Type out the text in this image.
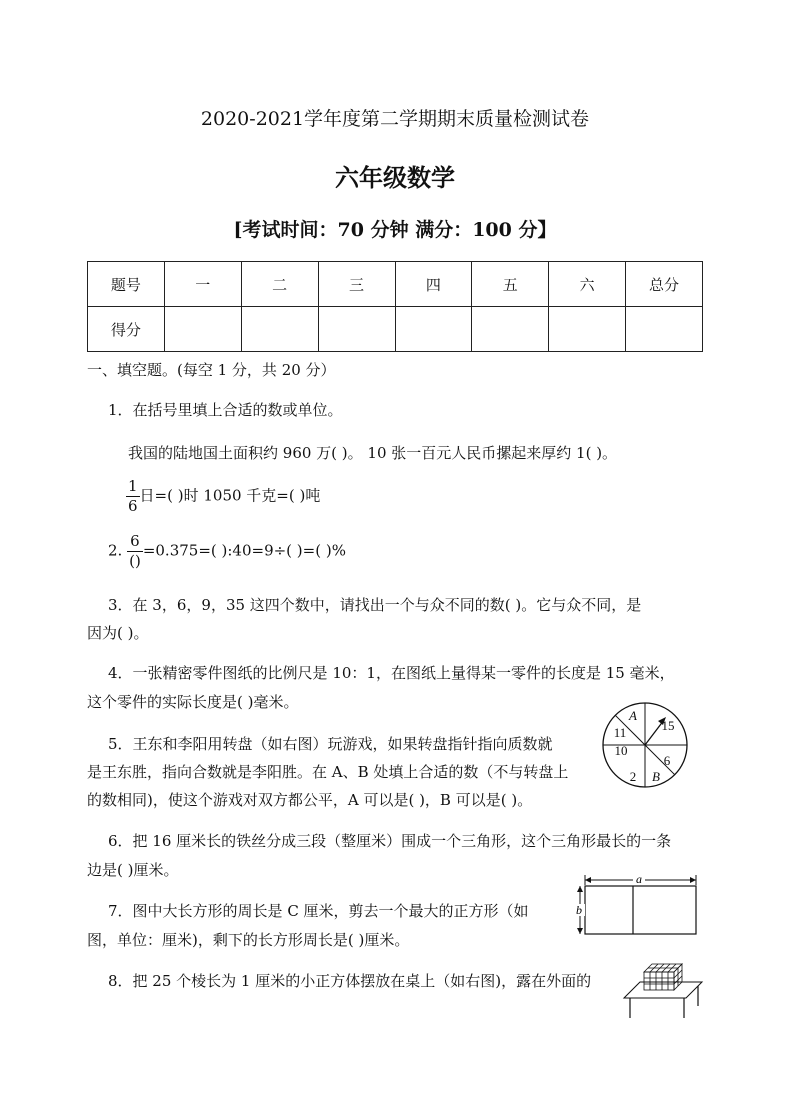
2020-2021学年度第二学期期末质量检测试卷
六年级数学
[考试时间：70 分钟 满分：100 分】
题号	一	二	三	四	五	六	总分
得分							
一、填空题。(每空 1 分，共 20 分）
1．在括号里填上合适的数或单位。
我国的陆地国土面积约 960 万( )。 10 张一百元人民币摞起来厚约 1( )。
$\frac{1}{6}$ 日=( )时 1050 千克=( )吨
2. $\frac{6}{()} =0.375=$( ):40=9÷( )=( )%
3．在 3，6，9，35 这四个数中，请找出一个与众不同的数( )。它与众不同，是
因为( )。
4．一张精密零件图纸的比例尺是 10：1，在图纸上量得某一零件的长度是 15 毫米，
这个零件的实际长度是( )毫米。
5．王东和李阳用转盘（如右图）玩游戏，如果转盘指针指向质数就
是王东胜，指向合数就是李阳胜。在 A、B 处填上合适的数（不与转盘上
的数相同)，使这个游戏对双方都公平，A 可以是( )，B 可以是( )。
A
15
6
B
2
10
11
6．把 16 厘米长的铁丝分成三段（整厘米）围成一个三角形，这个三角形最长的一条
边是( )厘米。
7．图中大长方形的周长是 C 厘米，剪去一个最大的正方形（如
图，单位：厘米)，剩下的长方形周长是( )厘米。
a
b
8．把 25 个棱长为 1 厘米的小正方体摆放在桌上（如右图)，露在外面的
